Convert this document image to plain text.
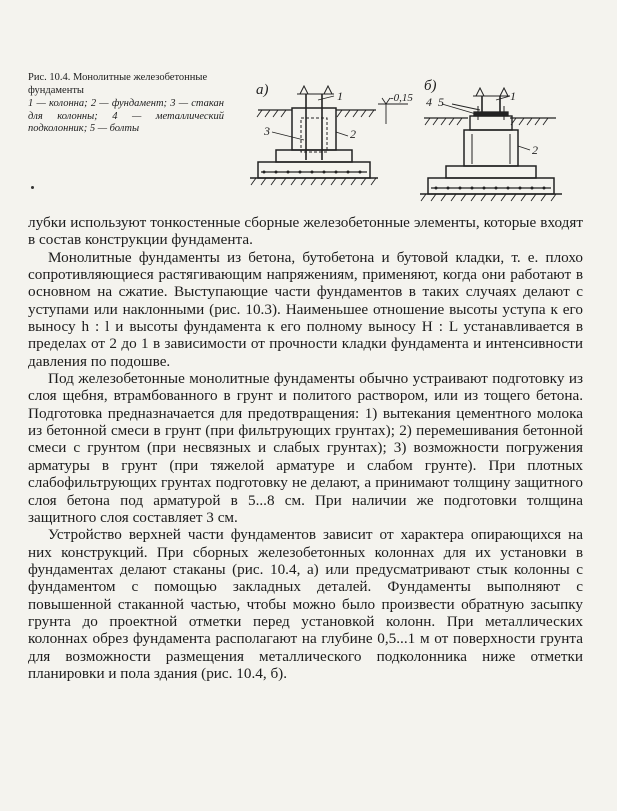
а)	1
2
3
-0,15
б)
4 5	1
2
Рис. 10.4. Монолитные железобетонные фундаменты
1 — колонна; 2 — фундамент; 3 — стакан для колонны; 4 — металлический подколонник; 5 — болты

лубки используют тонкостенные сборные железобетонные элементы, которые входят в состав конструкции фундамента.

Монолитные фундаменты из бетона, бутобетона и бутовой кладки, т. е. плохо сопротивляющиеся растягивающим напряжениям, применяют, когда они работают в основном на сжатие. Выступающие части фундаментов в таких случаях делают с уступами или наклонными (рис. 10.3). Наименьшее отношение высоты уступа к его выносу h : l и высоты фундамента к его полному выносу H : L устанавливается в пределах от 2 до 1 в зависимости от прочности кладки фундамента и интенсивности давления по подошве.

Под железобетонные монолитные фундаменты обычно устраивают подготовку из слоя щебня, втрамбованного в грунт и политого раствором, или из тощего бетона. Подготовка предназначается для предотвращения: 1) вытекания цементного молока из бетонной смеси в грунт (при фильтрующих грунтах); 2) перемешивания бетонной смеси с грунтом (при несвязных и слабых грунтах); 3) возможности погружения арматуры в грунт (при тяжелой арматуре и слабом грунте). При плотных слабофильтрующих грунтах подготовку не делают, а принимают толщину защитного слоя бетона под арматурой в 5...8 см. При наличии же подготовки толщина защитного слоя составляет 3 см.

Устройство верхней части фундаментов зависит от характера опирающихся на них конструкций. При сборных железобетонных колоннах для их установки в фундаментах делают стаканы (рис. 10.4, а) или предусматривают стык колонны с фундаментом с помощью закладных деталей. Фундаменты выполняют с повышенной стаканной частью, чтобы можно было произвести обратную засыпку грунта до проектной отметки перед установкой колонн. При металлических колоннах обрез фундамента располагают на глубине 0,5...1 м от поверхности грунта для возможности размещения металлического подколонника ниже отметки планировки и пола здания (рис. 10.4, б).
